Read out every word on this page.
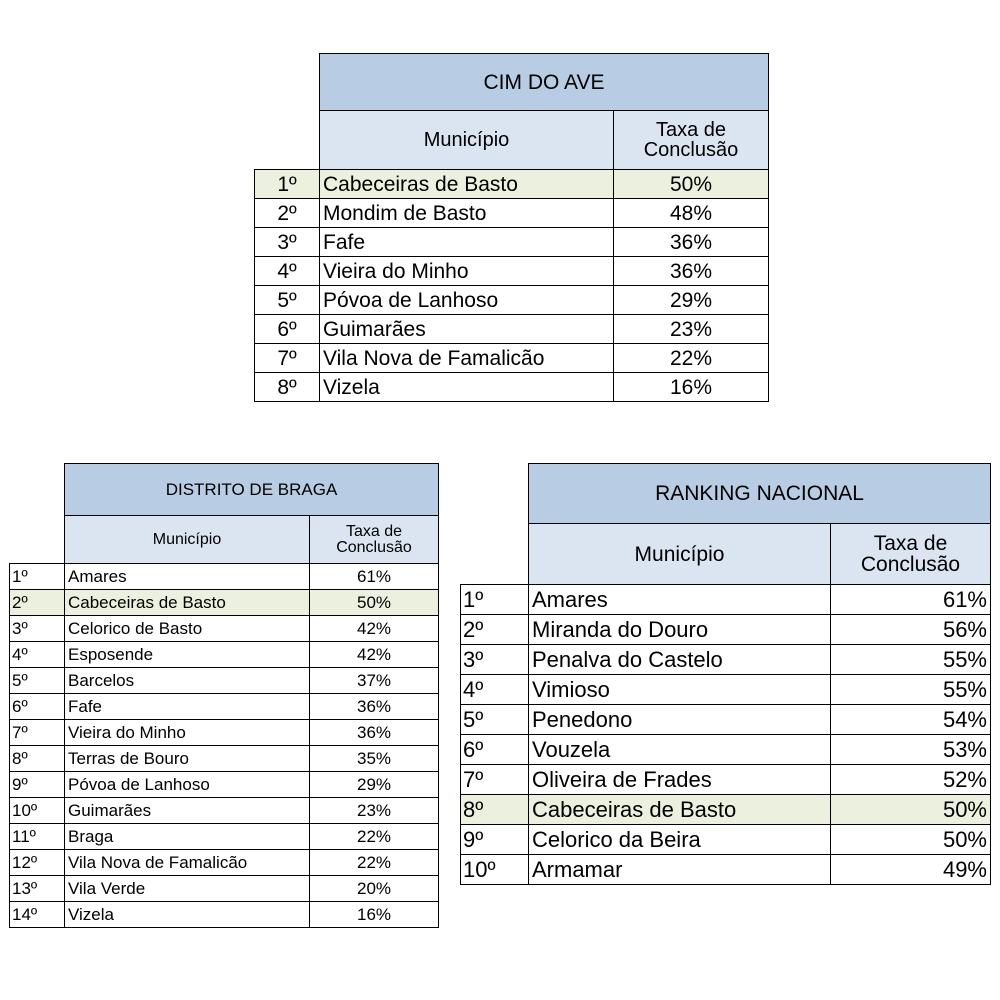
	CIM DO AVE	
	Município	Taxa de
Conclusão
1º	Cabeceiras de Basto	50%
2º	Mondim de Basto	48%
3º	Fafe	36%
4º	Vieira do Minho	36%
5º	Póvoa de Lanhoso	29%
6º	Guimarães	23%
7º	Vila Nova de Famalicão	22%
8º	Vizela	16%
	DISTRITO DE BRAGA	
	Município	Taxa de
Conclusão
1º	Amares	61%
2º	Cabeceiras de Basto	50%
3º	Celorico de Basto	42%
4º	Esposende	42%
5º	Barcelos	37%
6º	Fafe	36%
7º	Vieira do Minho	36%
8º	Terras de Bouro	35%
9º	Póvoa de Lanhoso	29%
10º	Guimarães	23%
11º	Braga	22%
12º	Vila Nova de Famalicão	22%
13º	Vila Verde	20%
14º	Vizela	16%
	RANKING NACIONAL	
	Município	Taxa de
Conclusão
1º	Amares	61%
2º	Miranda do Douro	56%
3º	Penalva do Castelo	55%
4º	Vimioso	55%
5º	Penedono	54%
6º	Vouzela	53%
7º	Oliveira de Frades	52%
8º	Cabeceiras de Basto	50%
9º	Celorico da Beira	50%
10º	Armamar	49%
